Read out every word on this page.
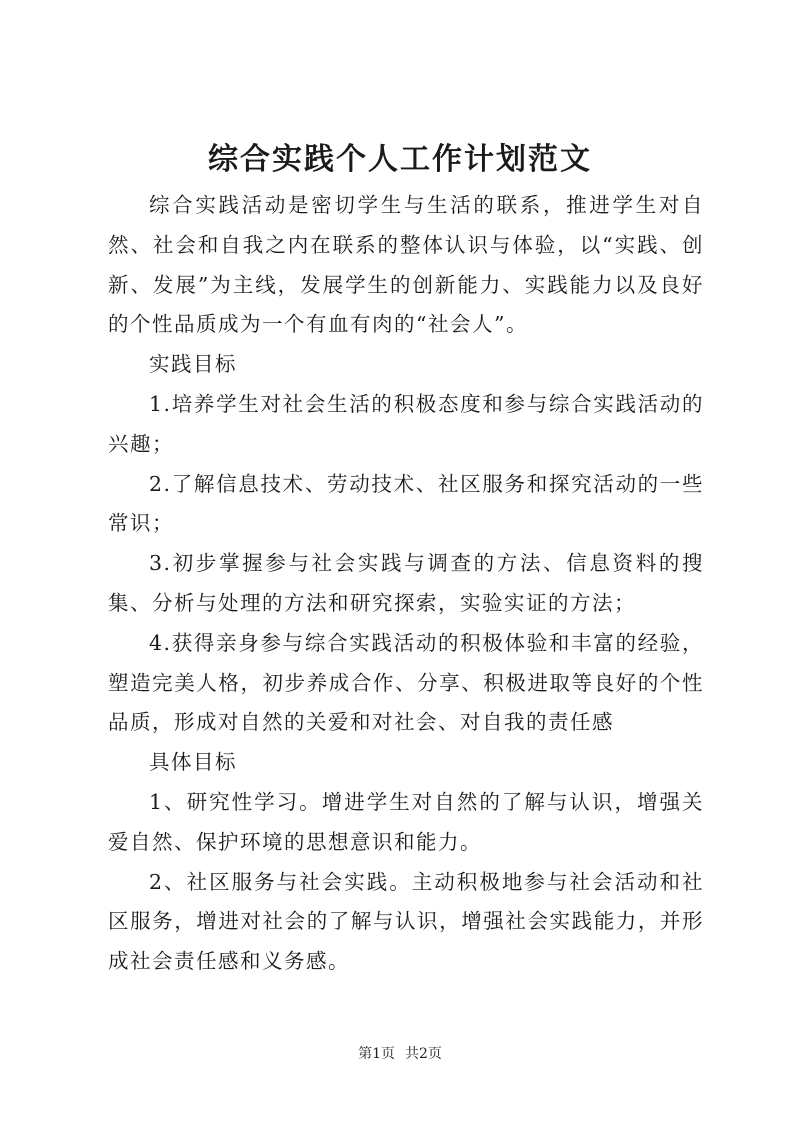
综合实践个人工作计划范文

综合实践活动是密切学生与生活的联系，推进学生对自然、社会和自我之内在联系的整体认识与体验，以“实践、创新、发展”为主线，发展学生的创新能力、实践能力以及良好的个性品质成为一个有血有肉的“社会人”。

实践目标

1.培养学生对社会生活的积极态度和参与综合实践活动的兴趣；

2.了解信息技术、劳动技术、社区服务和探究活动的一些常识；

3.初步掌握参与社会实践与调查的方法、信息资料的搜集、分析与处理的方法和研究探索，实验实证的方法；

4.获得亲身参与综合实践活动的积极体验和丰富的经验，塑造完美人格，初步养成合作、分享、积极进取等良好的个性品质，形成对自然的关爱和对社会、对自我的责任感

具体目标

1、研究性学习。增进学生对自然的了解与认识，增强关爱自然、保护环境的思想意识和能力。

2、社区服务与社会实践。主动积极地参与社会活动和社区服务，增进对社会的了解与认识，增强社会实践能力，并形成社会责任感和义务感。

第1页 共2页
